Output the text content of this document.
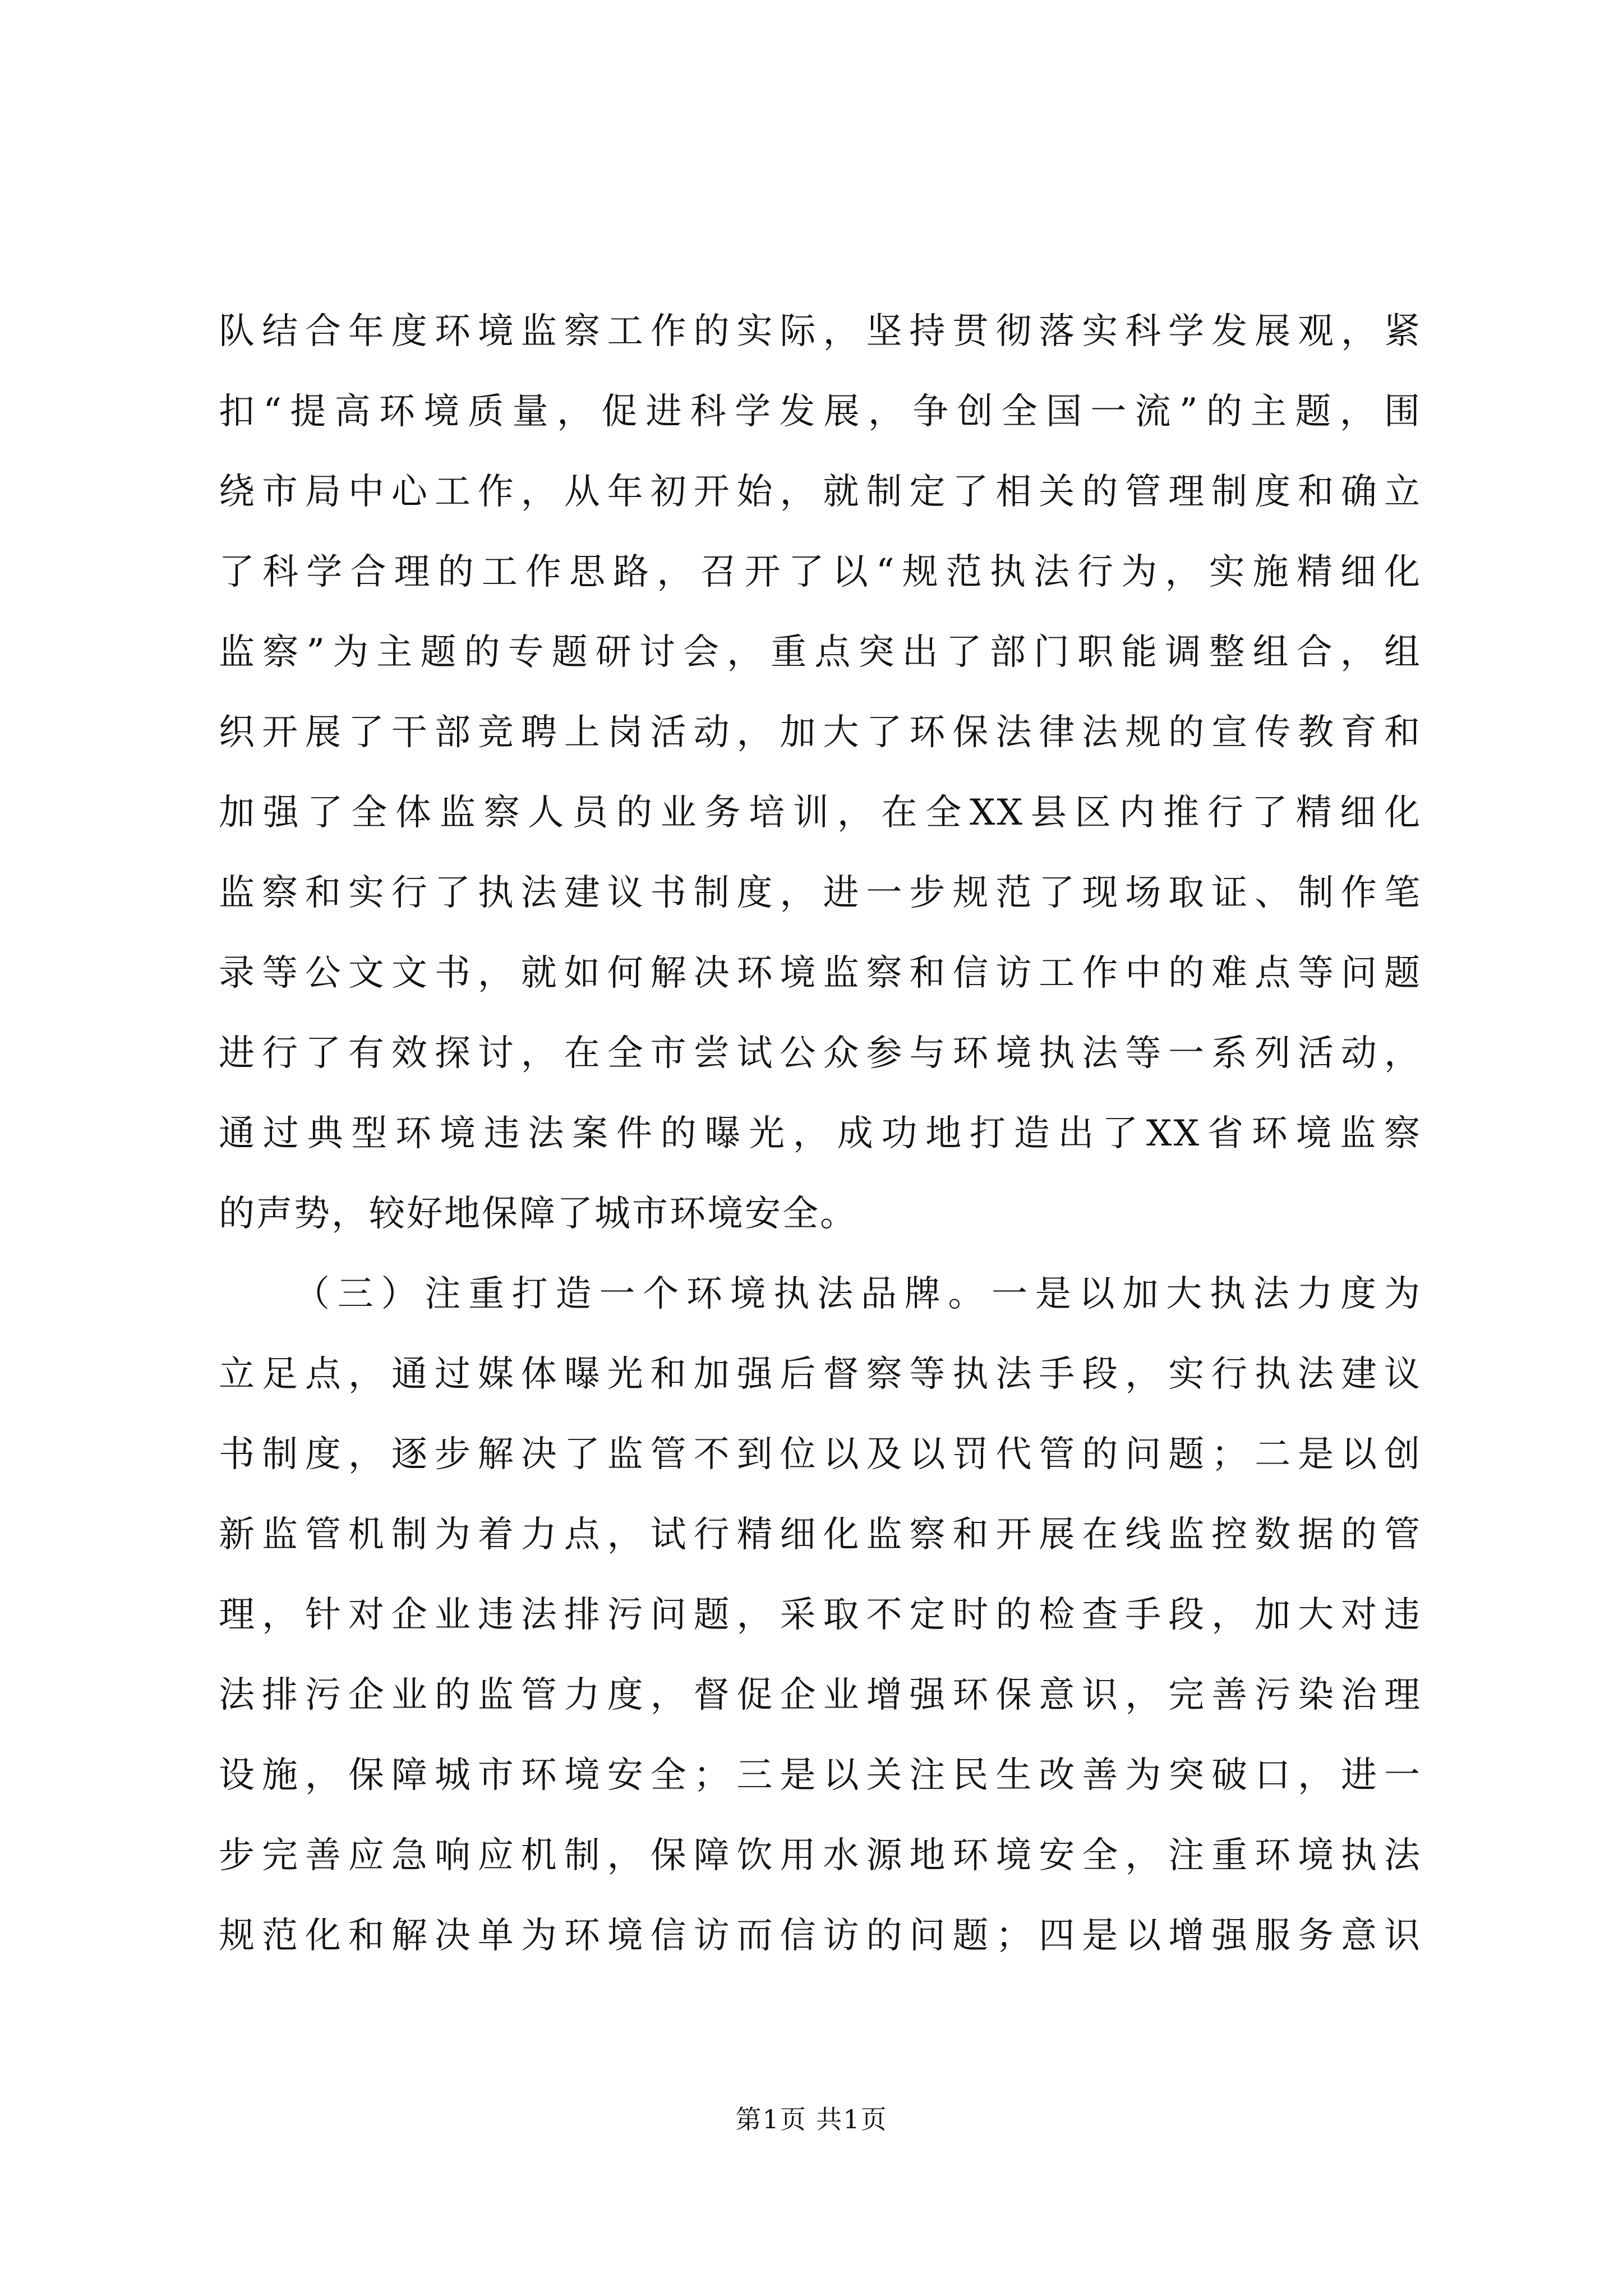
队结合年度环境监察工作的实际，坚持贯彻落实科学发展观，紧
扣“提高环境质量，促进科学发展，争创全国一流”的主题，围
绕市局中心工作，从年初开始，就制定了相关的管理制度和确立
了科学合理的工作思路，召开了以“规范执法行为，实施精细化
监察”为主题的专题研讨会，重点突出了部门职能调整组合，组
织开展了干部竞聘上岗活动，加大了环保法律法规的宣传教育和
加强了全体监察人员的业务培训，在全XX县区内推行了精细化
监察和实行了执法建议书制度，进一步规范了现场取证、制作笔
录等公文文书，就如何解决环境监察和信访工作中的难点等问题
进行了有效探讨，在全市尝试公众参与环境执法等一系列活动，
通过典型环境违法案件的曝光，成功地打造出了XX省环境监察
的声势，较好地保障了城市环境安全。
（三）注重打造一个环境执法品牌。一是以加大执法力度为
立足点，通过媒体曝光和加强后督察等执法手段，实行执法建议
书制度，逐步解决了监管不到位以及以罚代管的问题；二是以创
新监管机制为着力点，试行精细化监察和开展在线监控数据的管
理，针对企业违法排污问题，采取不定时的检查手段，加大对违
法排污企业的监管力度，督促企业增强环保意识，完善污染治理
设施，保障城市环境安全；三是以关注民生改善为突破口，进一
步完善应急响应机制，保障饮用水源地环境安全，注重环境执法
规范化和解决单为环境信访而信访的问题；四是以增强服务意识
第1页 共1页
